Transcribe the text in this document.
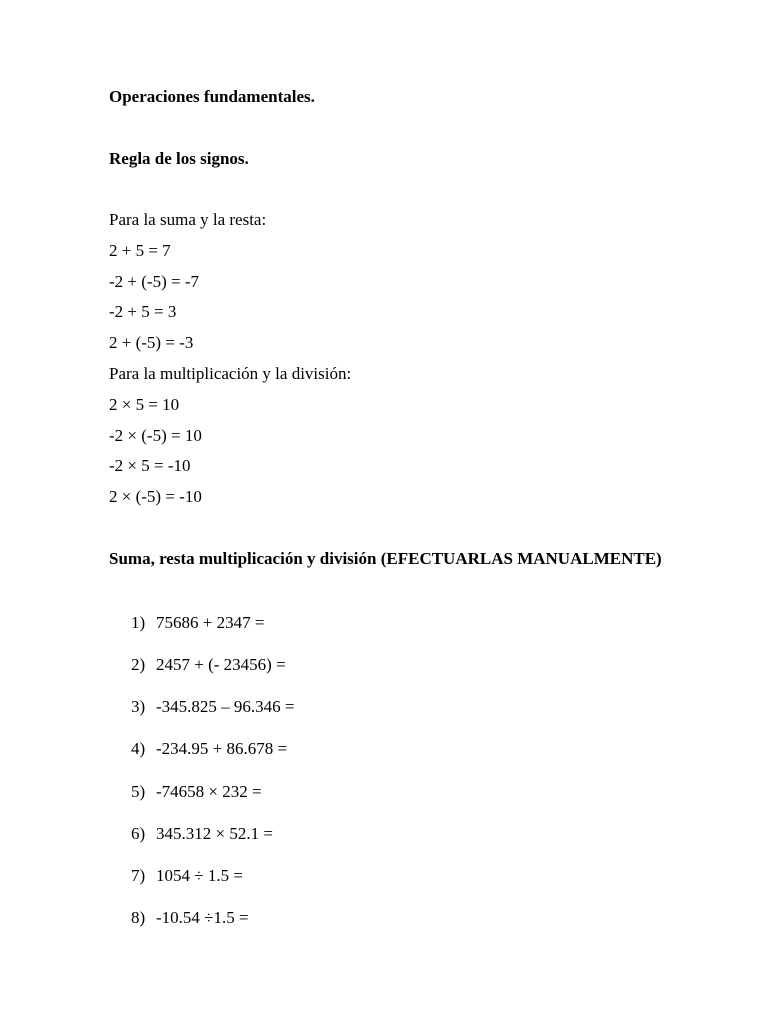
Operaciones fundamentales.
Regla de los signos.
Para la suma y la resta:
2 + 5 = 7
-2 + (-5) = -7
-2 + 5 = 3
2 + (-5) = -3
Para la multiplicación y la división:
2 × 5 = 10
-2 × (-5) = 10
-2 × 5 = -10
2 × (-5) = -10
Suma, resta multiplicación y división (EFECTUARLAS MANUALMENTE)
1) 75686 + 2347 =
2) 2457 + (- 23456) =
3) -345.825 – 96.346 =
4) -234.95 + 86.678 =
5) -74658 × 232 =
6) 345.312 × 52.1 =
7) 1054 ÷ 1.5 =
8) -10.54 ÷1.5 =
